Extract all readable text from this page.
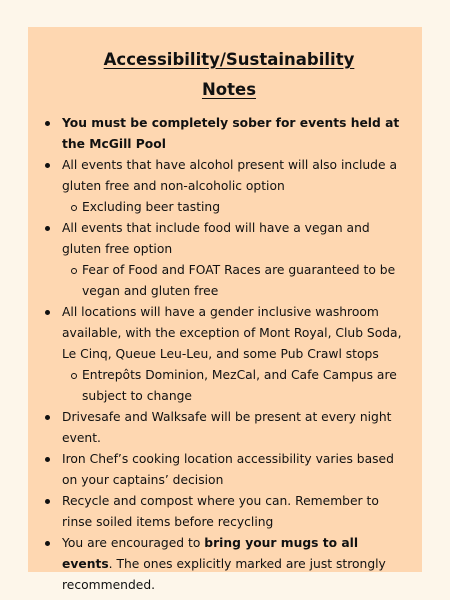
Accessibility/Sustainability
Notes
You must be completely sober for events held at the McGill Pool
All events that have alcohol present will also include a gluten free and non-alcoholic option
Excluding beer tasting
All events that include food will have a vegan and gluten free option
Fear of Food and FOAT Races are guaranteed to be vegan and gluten free
All locations will have a gender inclusive washroom available, with the exception of Mont Royal, Club Soda, Le Cinq, Queue Leu-Leu, and some Pub Crawl stops
Entrepôts Dominion, MezCal, and Cafe Campus are subject to change
Drivesafe and Walksafe will be present at every night event.
Iron Chef’s cooking location accessibility varies based on your captains’ decision
Recycle and compost where you can. Remember to rinse soiled items before recycling
You are encouraged to bring your mugs to all events. The ones explicitly marked are just strongly recommended.
